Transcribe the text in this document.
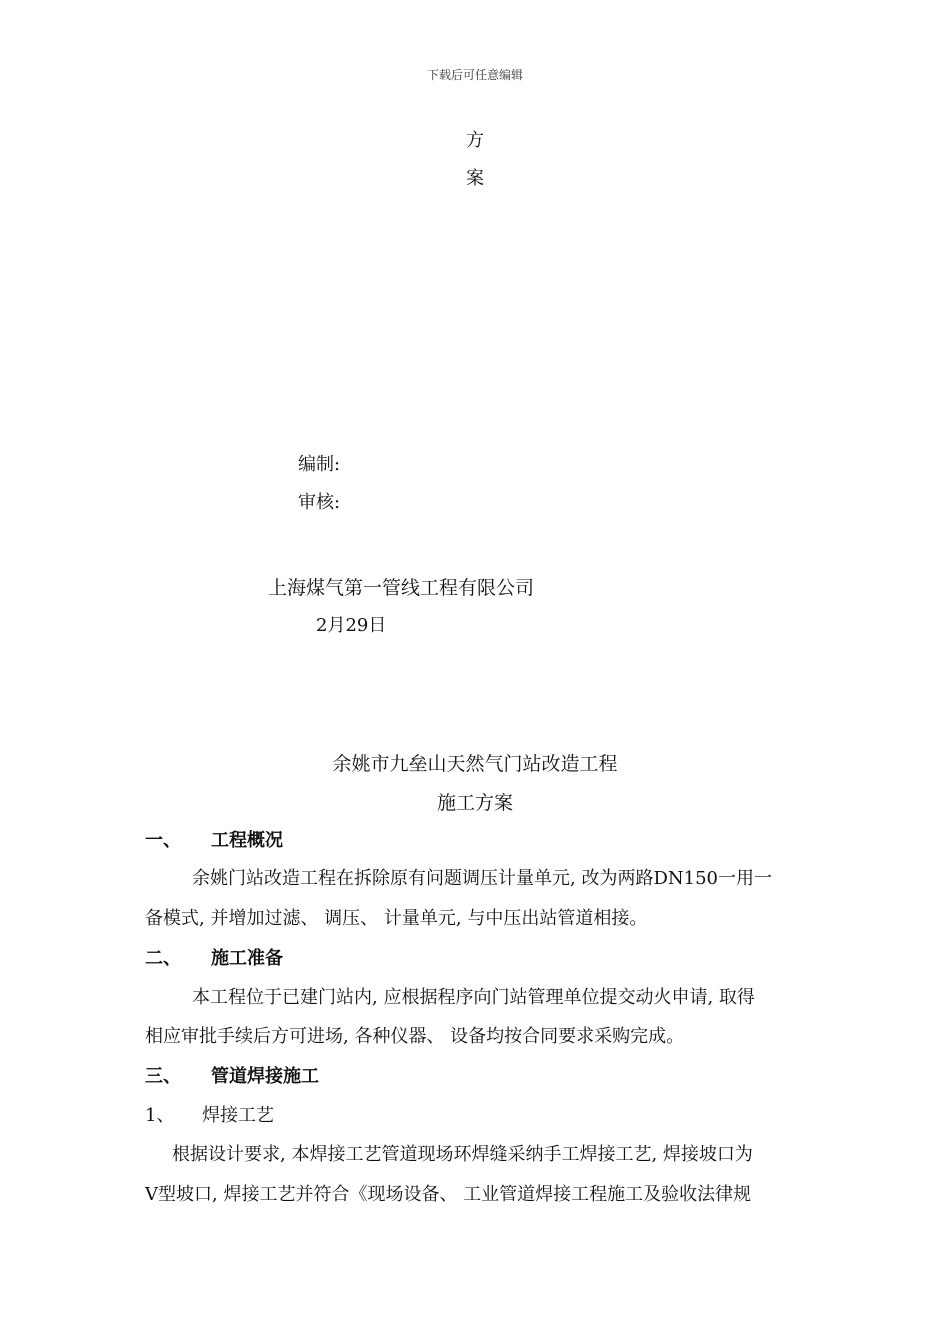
下载后可任意编辑
方
案
编制:
审核:
上海煤气第一管线工程有限公司
2月29日
余姚市九垒山天然气门站改造工程
施工方案
一、 工程概况
余姚门站改造工程在拆除原有问题调压计量单元, 改为两路DN150一用一
备模式, 并增加过滤、 调压、 计量单元, 与中压出站管道相接。
二、 施工准备
本工程位于已建门站内, 应根据程序向门站管理单位提交动火申请, 取得
相应审批手续后方可进场, 各种仪器、 设备均按合同要求采购完成。
三、 管道焊接施工
1、 焊接工艺
根据设计要求, 本焊接工艺管道现场环焊缝采纳手工焊接工艺, 焊接坡口为
V型坡口, 焊接工艺并符合《现场设备、 工业管道焊接工程施工及验收法律规
